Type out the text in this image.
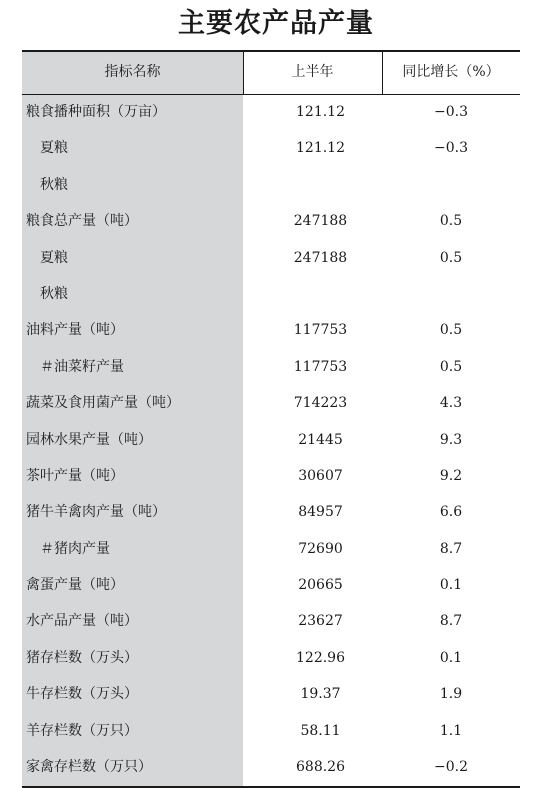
主要农产品产量
指标名称	上半年	同比增长（%）
粮食播种面积（万亩）	121.12	−0.3
夏粮	121.12	−0.3
秋粮
粮食总产量（吨）	247188	0.5
夏粮	247188	0.5
秋粮
油料产量（吨）	117753	0.5
＃油菜籽产量	117753	0.5
蔬菜及食用菌产量（吨）	714223	4.3
园林水果产量（吨）	21445	9.3
茶叶产量（吨）	30607	9.2
猪牛羊禽肉产量（吨）	84957	6.6
＃猪肉产量	72690	8.7
禽蛋产量（吨）	20665	0.1
水产品产量（吨）	23627	8.7
猪存栏数（万头）	122.96	0.1
牛存栏数（万头）	19.37	1.9
羊存栏数（万只）	58.11	1.1
家禽存栏数（万只）	688.26	−0.2
